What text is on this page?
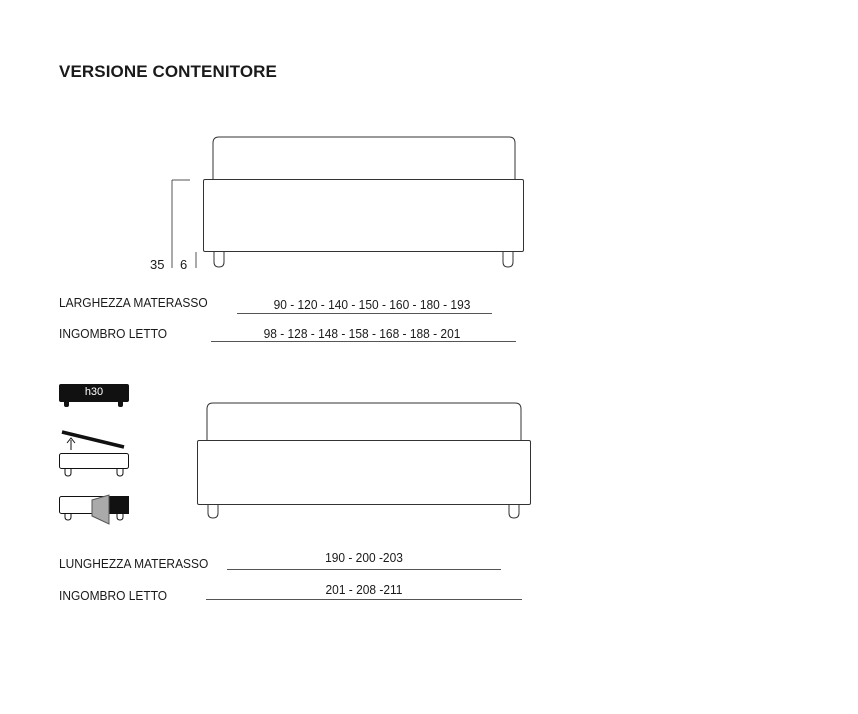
VERSIONE CONTENITORE
35 6
h30
LARGHEZZA MATERASSO	90 - 120 - 140 - 150 - 160 - 180 - 193
INGOMBRO LETTO	98 - 128 - 148 - 158 - 168 - 188 - 201
LUNGHEZZA MATERASSO	190 - 200 -203
INGOMBRO LETTO	201 - 208 -211
